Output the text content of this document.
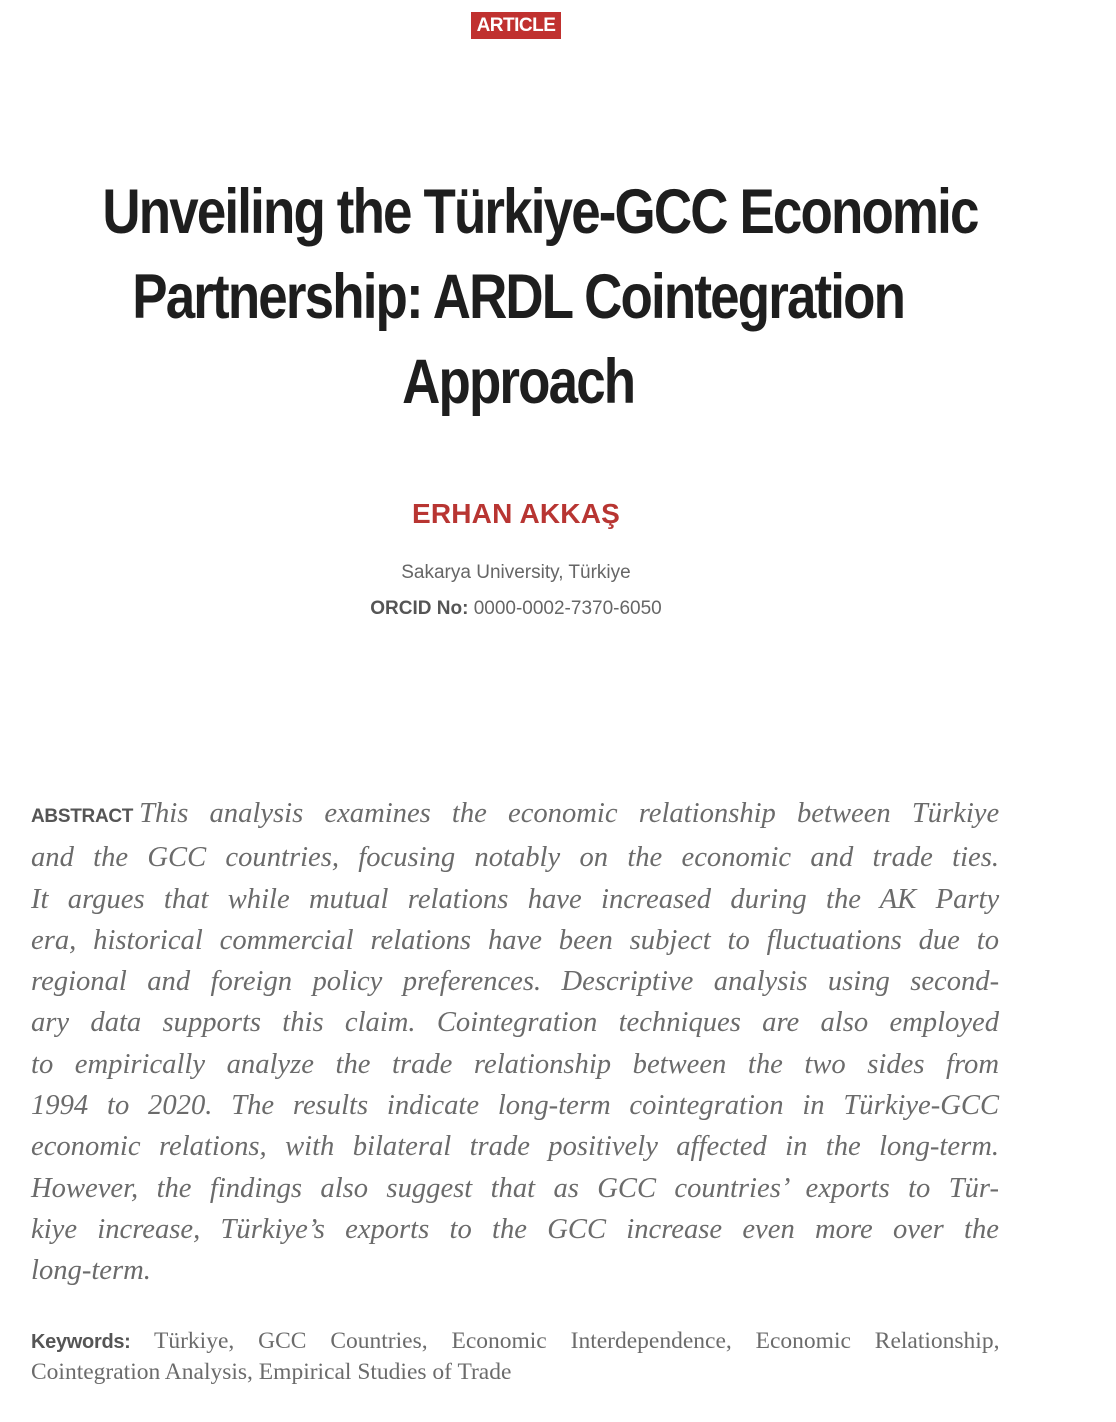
ARTICLE
Unveiling the Türkiye-GCC Economic
Partnership: ARDL Cointegration
Approach
ERHAN AKKAŞ
Sakarya University, Türkiye
ORCID No: 0000-0002-7370-6050
ABSTRACT This analysis examines the economic relationship between Türkiye
and the GCC countries, focusing notably on the economic and trade ties.
It argues that while mutual relations have increased during the AK Party
era, historical commercial relations have been subject to fluctuations due to
regional and foreign policy preferences. Descriptive analysis using second-
ary data supports this claim. Cointegration techniques are also employed
to empirically analyze the trade relationship between the two sides from
1994 to 2020. The results indicate long-term cointegration in Türkiye-GCC
economic relations, with bilateral trade positively affected in the long-term.
However, the findings also suggest that as GCC countries’ exports to Tür-
kiye increase, Türkiye’s exports to the GCC increase even more over the
long-term.
Keywords: Türkiye, GCC Countries, Economic Interdependence, Economic Relationship,
Cointegration Analysis, Empirical Studies of Trade
